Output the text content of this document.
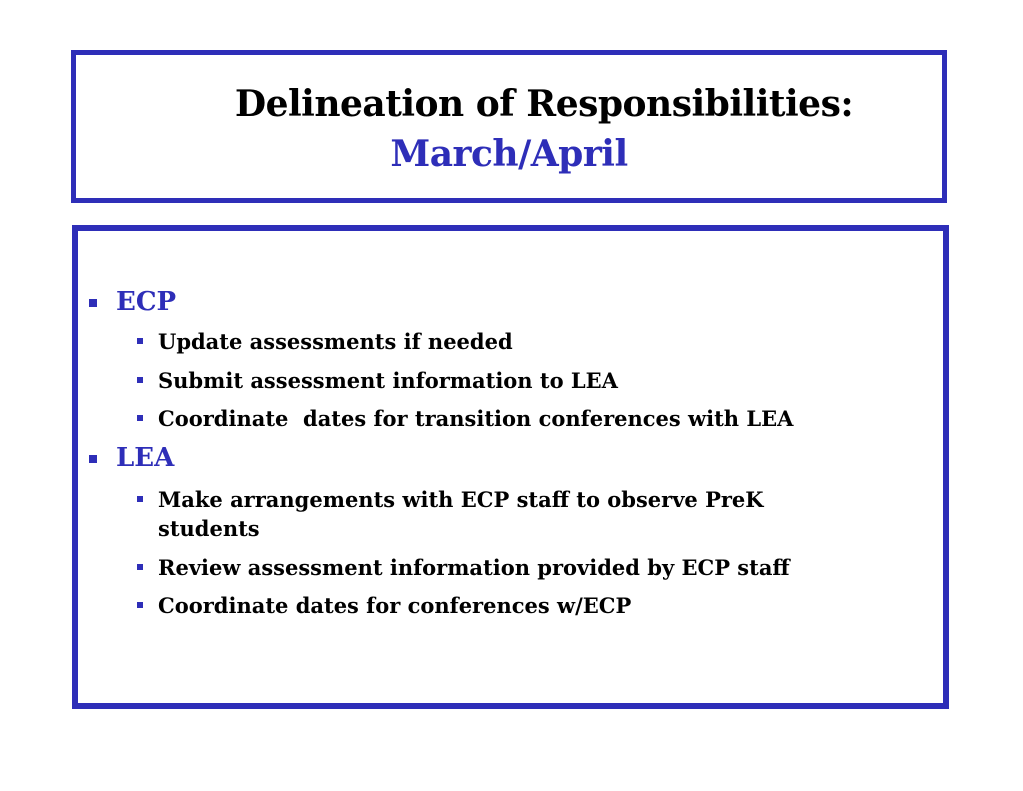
Delineation of Responsibilities:
March/April
ECP
Update assessments if needed
Submit assessment information to LEA
Coordinate  dates for transition conferences with LEA
LEA
Make arrangements with ECP staff to observe PreK students
Review assessment information provided by ECP staff
Coordinate dates for conferences w/ECP
